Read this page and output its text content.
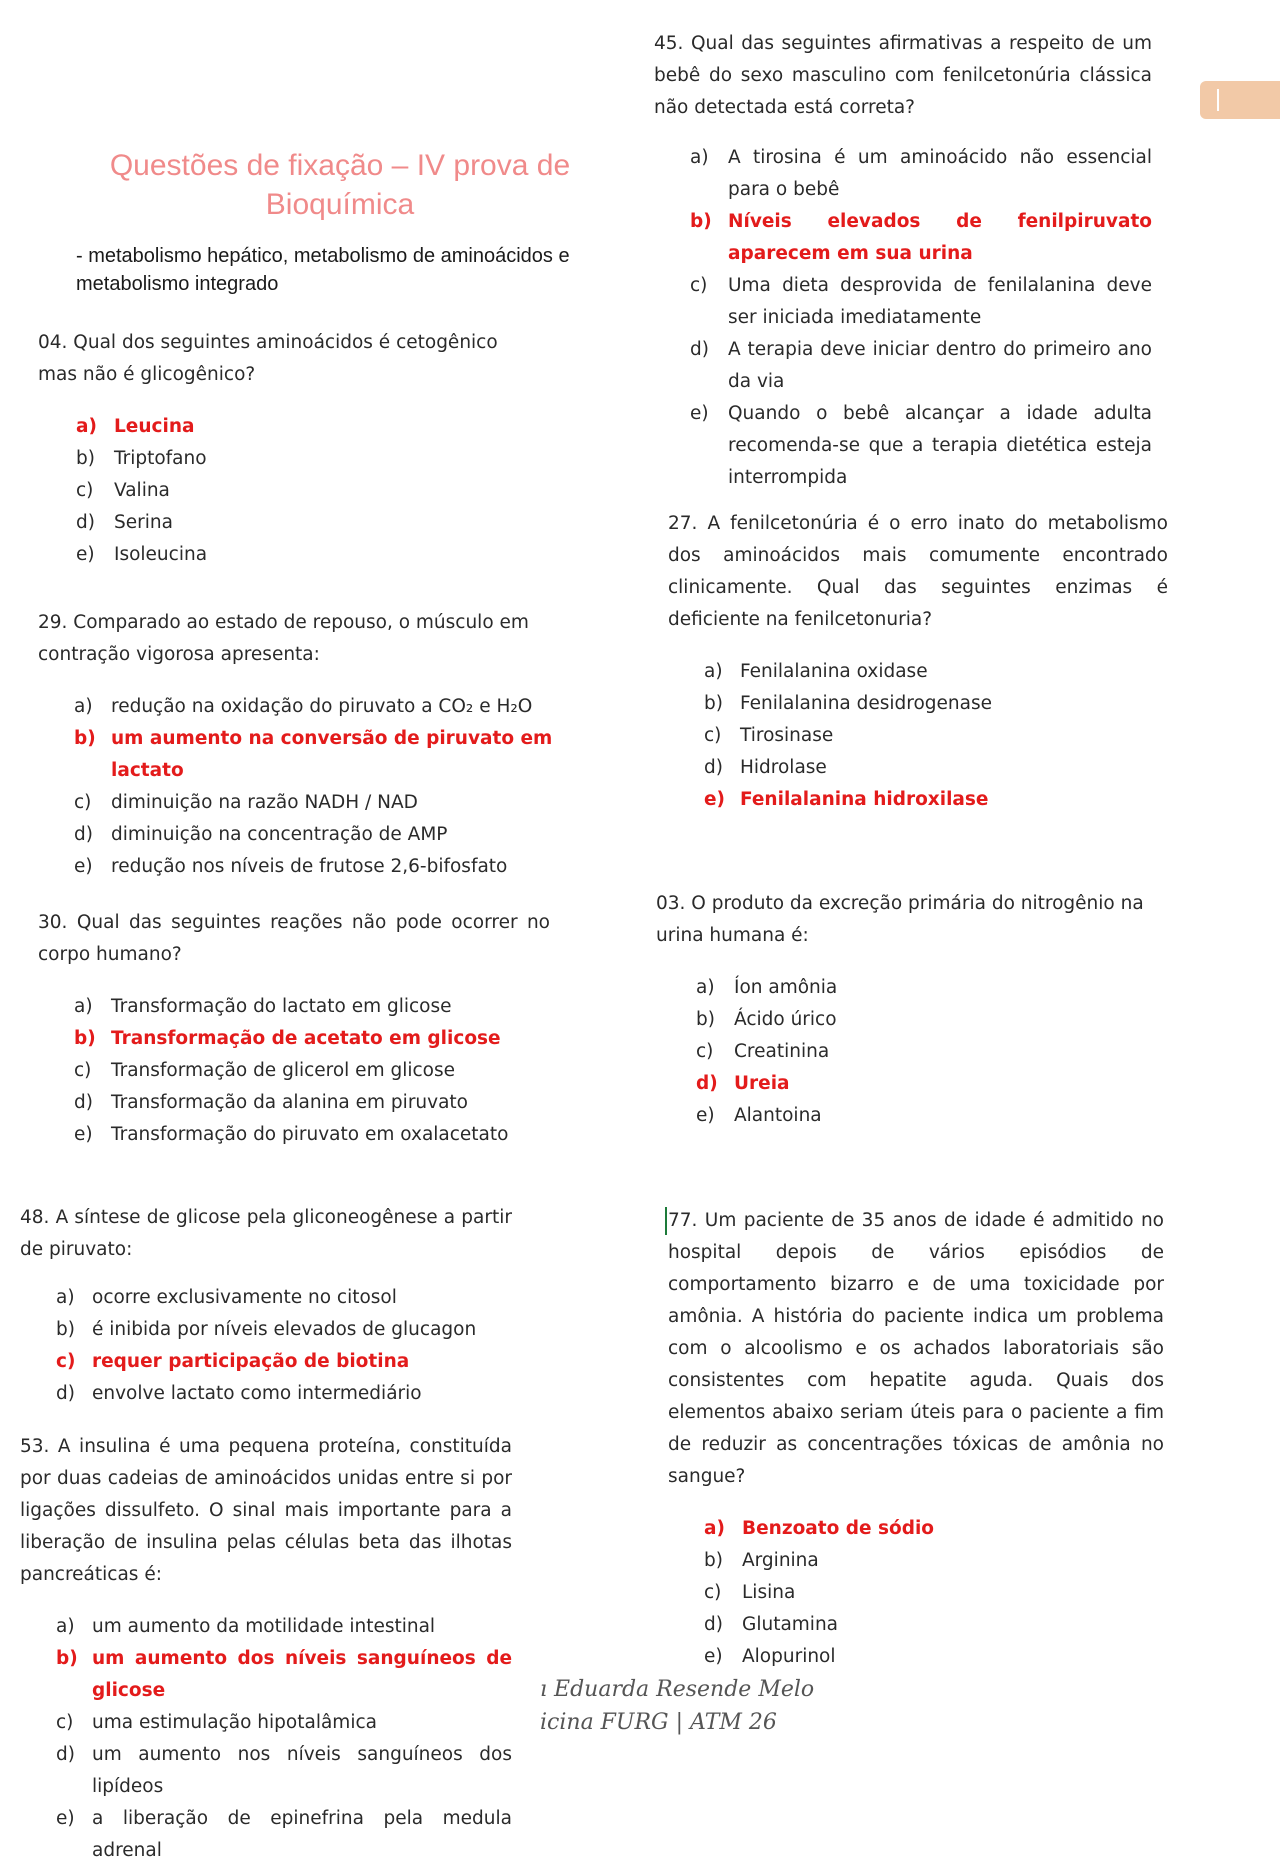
Questões de fixação – IV prova de Bioquímica
- metabolismo hepático, metabolismo de aminoácidos e metabolismo integrado

04. Qual dos seguintes aminoácidos é cetogênico mas não é glicogênico?

a) Leucina
b)	Triptofano
c)	Valina
d)	Serina
e)	Isoleucina

29. Comparado ao estado de repouso, o músculo em contração vigorosa apresenta:

a) redução na oxidação do piruvato a CO₂ e H₂O
b) um aumento na conversão de piruvato em lactato
c)	diminuição na razão NADH / NAD
d) diminuição na concentração de AMP
e) redução nos níveis de frutose 2,6-bifosfato

30. Qual das seguintes reações não pode ocorrer no corpo humano?

a) Transformação do lactato em glicose
b) Transformação de acetato em glicose
c)	Transformação de glicerol em glicose
d) Transformação da alanina em piruvato
e) Transformação do piruvato em oxalacetato

48. A síntese de glicose pela gliconeogênese a partir de piruvato:

a) ocorre exclusivamente no citosol
b) é inibida por níveis elevados de glucagon
c) requer participação de biotina
d) envolve lactato como intermediário

53. A insulina é uma pequena proteína, constituída por duas cadeias de aminoácidos unidas entre si por ligações dissulfeto. O sinal mais importante para a liberação de insulina pelas células beta das ilhotas pancreáticas é:

a) um aumento da motilidade intestinal
b) um aumento dos níveis sanguíneos de glicose
c)	uma estimulação hipotalâmica
d) um aumento nos níveis sanguíneos dos lipídeos
e) a liberação de epinefrina pela medula adrenal

45. Qual das seguintes afirmativas a respeito de um bebê do sexo masculino com fenilcetonúria clássica não detectada está correta?

a)	A tirosina é um aminoácido não essencial para o bebê
b) Níveis elevados de fenilpiruvato aparecem em sua urina
c)	Uma dieta desprovida de fenilalanina deve ser iniciada imediatamente
d)	A terapia deve iniciar dentro do primeiro ano da via
e)	Quando o bebê alcançar a idade adulta recomenda-se que a terapia dietética esteja interrompida

27. A fenilcetonúria é o erro inato do metabolismo dos aminoácidos mais comumente encontrado clinicamente. Qual das seguintes enzimas é deficiente na fenilcetonuria?

a) Fenilalanina oxidase
b) Fenilalanina desidrogenase
c)	Tirosinase
d) Hidrolase
e) Fenilalanina hidroxilase

03. O produto da excreção primária do nitrogênio na urina humana é:

a)	Íon amônia
b)	Ácido úrico
c)	Creatinina
d) Ureia
e)	Alantoina

77. Um paciente de 35 anos de idade é admitido no hospital depois de vários episódios de comportamento bizarro e de uma toxicidade por amônia. A história do paciente indica um problema com o alcoolismo e os achados laboratoriais são consistentes com hepatite aguda. Quais dos elementos abaixo seriam úteis para o paciente a fim de reduzir as concentrações tóxicas de amônia no sangue?

a) Benzoato de sódio
b)	Arginina
c)	Lisina
d)	Glutamina
e)	Alopurinol
ı Eduarda Resende Melo
icina FURG | ATM 26
